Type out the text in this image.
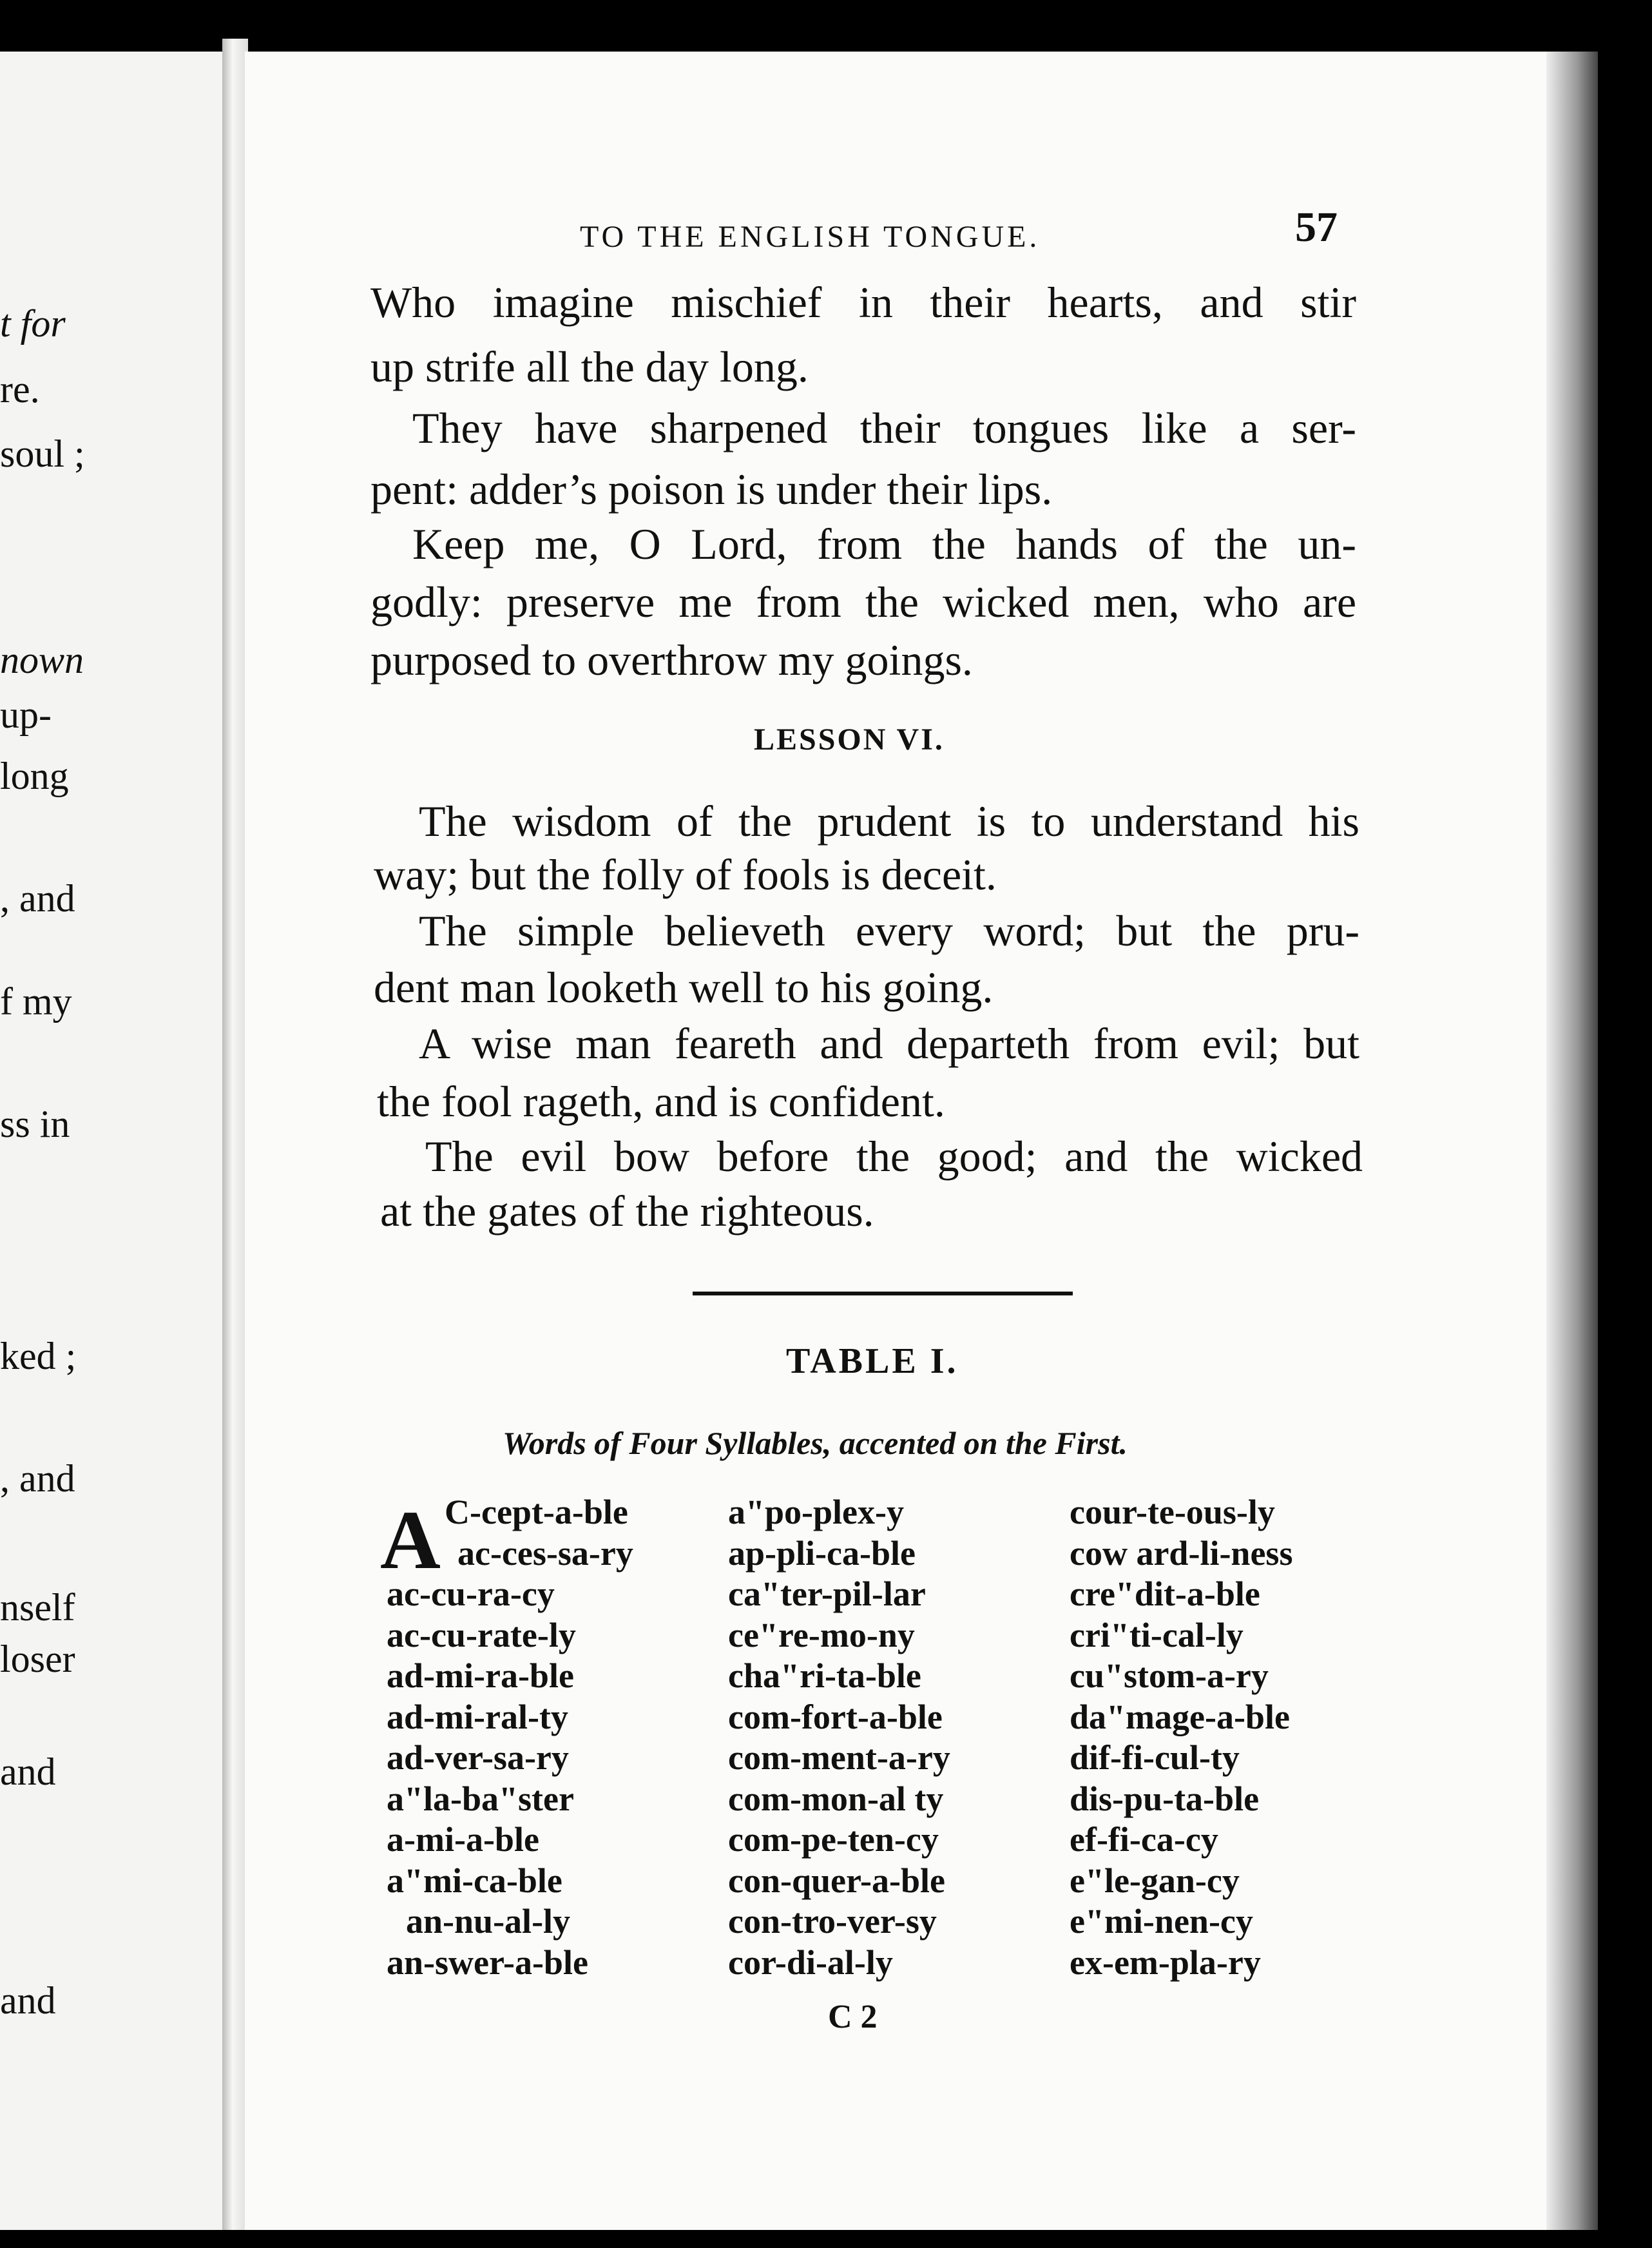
t for
re.
soul ;
nown
up-
long
, and
f my
ss in
ked ;
, and
nself
loser
and
and
TO THE ENGLISH TONGUE.	57
Who imagine mischief in their hearts, and stir
up strife all the day long.
They have sharpened their tongues like a ser-
pent: adder’s poison is under their lips.
Keep me, O Lord, from the hands of the un-
godly: preserve me from the wicked men, who are
purposed to overthrow my goings.
LESSON VI.
The wisdom of the prudent is to understand his
way; but the folly of fools is deceit.
The simple believeth every word; but the pru-
dent man looketh well to his going.
A wise man feareth and departeth from evil; but
the fool rageth, and is confident.
The evil bow before the good; and the wicked
at the gates of the righteous.
TABLE I.
Words of Four Syllables, accented on the First.
A C-cept-a-ble
ac-ces-sa-ry
ac-cu-ra-cy
ac-cu-rate-ly
ad-mi-ra-ble
ad-mi-ral-ty
ad-ver-sa-ry
a"la-ba"ster
a-mi-a-ble
a"mi-ca-ble
an-nu-al-ly
an-swer-a-ble
a"po-plex-y
ap-pli-ca-ble
ca"ter-pil-lar
ce"re-mo-ny
cha"ri-ta-ble
com-fort-a-ble
com-ment-a-ry
com-mon-al ty
com-pe-ten-cy
con-quer-a-ble
con-tro-ver-sy
cor-di-al-ly
cour-te-ous-ly
cow ard-li-ness
cre"dit-a-ble
cri"ti-cal-ly
cu"stom-a-ry
da"mage-a-ble
dif-fi-cul-ty
dis-pu-ta-ble
ef-fi-ca-cy
e"le-gan-cy
e"mi-nen-cy
ex-em-pla-ry
C 2
